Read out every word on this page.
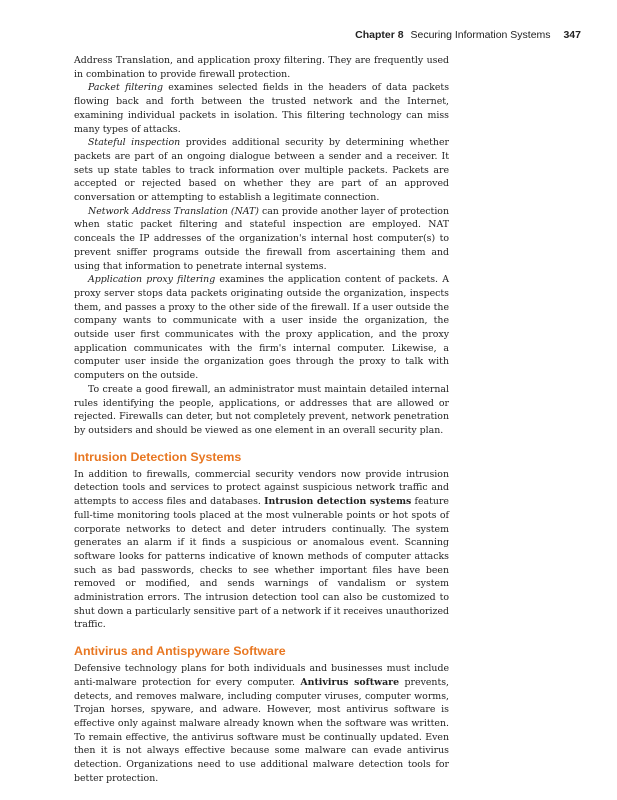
Chapter 8 Securing Information Systems 347

Address Translation, and application proxy filtering. They are frequently used in combination to provide firewall protection.

Packet filtering examines selected fields in the headers of data packets flowing back and forth between the trusted network and the Internet, examining individual packets in isolation. This filtering technology can miss many types of attacks.

Stateful inspection provides additional security by determining whether packets are part of an ongoing dialogue between a sender and a receiver. It sets up state tables to track information over multiple packets. Packets are accepted or rejected based on whether they are part of an approved conversation or attempting to establish a legitimate connection.

Network Address Translation (NAT) can provide another layer of protection when static packet filtering and stateful inspection are employed. NAT conceals the IP addresses of the organization's internal host computer(s) to prevent sniffer programs outside the firewall from ascertaining them and using that information to penetrate internal systems.

Application proxy filtering examines the application content of packets. A proxy server stops data packets originating outside the organization, inspects them, and passes a proxy to the other side of the firewall. If a user outside the company wants to communicate with a user inside the organization, the outside user first communicates with the proxy application, and the proxy application communicates with the firm's internal computer. Likewise, a computer user inside the organization goes through the proxy to talk with computers on the outside.

To create a good firewall, an administrator must maintain detailed internal rules identifying the people, applications, or addresses that are allowed or rejected. Firewalls can deter, but not completely prevent, network penetration by outsiders and should be viewed as one element in an overall security plan.

Intrusion Detection Systems

In addition to firewalls, commercial security vendors now provide intrusion detection tools and services to protect against suspicious network traffic and attempts to access files and databases. Intrusion detection systems feature full-time monitoring tools placed at the most vulnerable points or hot spots of corporate networks to detect and deter intruders continually. The system generates an alarm if it finds a suspicious or anomalous event. Scanning software looks for patterns indicative of known methods of computer attacks such as bad passwords, checks to see whether important files have been removed or modified, and sends warnings of vandalism or system administration errors. The intrusion detection tool can also be customized to shut down a particularly sensitive part of a network if it receives unauthorized traffic.

Antivirus and Antispyware Software

Defensive technology plans for both individuals and businesses must include anti-malware protection for every computer. Antivirus software prevents, detects, and removes malware, including computer viruses, computer worms, Trojan horses, spyware, and adware. However, most antivirus software is effective only against malware already known when the software was written. To remain effective, the antivirus software must be continually updated. Even then it is not always effective because some malware can evade antivirus detection. Organizations need to use additional malware detection tools for better protection.
